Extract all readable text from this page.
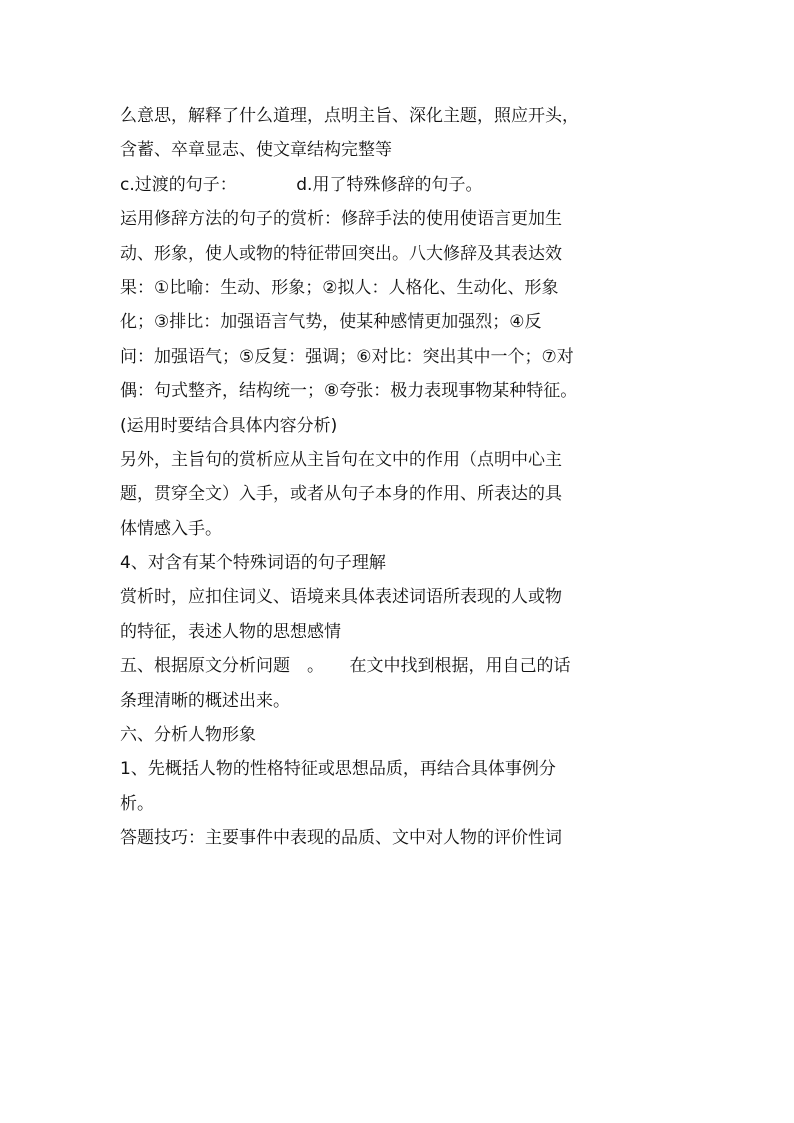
么意思，解释了什么道理，点明主旨、深化主题，照应开头，
含蓄、卒章显志、使文章结构完整等
c.过渡的句子：　　　　d.用了特殊修辞的句子。
运用修辞方法的句子的赏析：修辞手法的使用使语言更加生
动、形象，使人或物的特征带回突出。八大修辞及其表达效
果：①比喻：生动、形象；②拟人：人格化、生动化、形象
化；③排比：加强语言气势，使某种感情更加强烈；④反
问：加强语气；⑤反复：强调；⑥对比：突出其中一个；⑦对
偶：句式整齐，结构统一；⑧夸张：极力表现事物某种特征。
(运用时要结合具体内容分析)
另外，主旨句的赏析应从主旨句在文中的作用（点明中心主
题，贯穿全文）入手，或者从句子本身的作用、所表达的具
体情感入手。
4、对含有某个特殊词语的句子理解
赏析时，应扣住词义、语境来具体表述词语所表现的人或物
的特征，表述人物的思想感情
五、根据原文分析问题　。　　在文中找到根据，用自己的话
条理清晰的概述出来。
六、分析人物形象
1、先概括人物的性格特征或思想品质，再结合具体事例分
析。
答题技巧：主要事件中表现的品质、文中对人物的评价性词
